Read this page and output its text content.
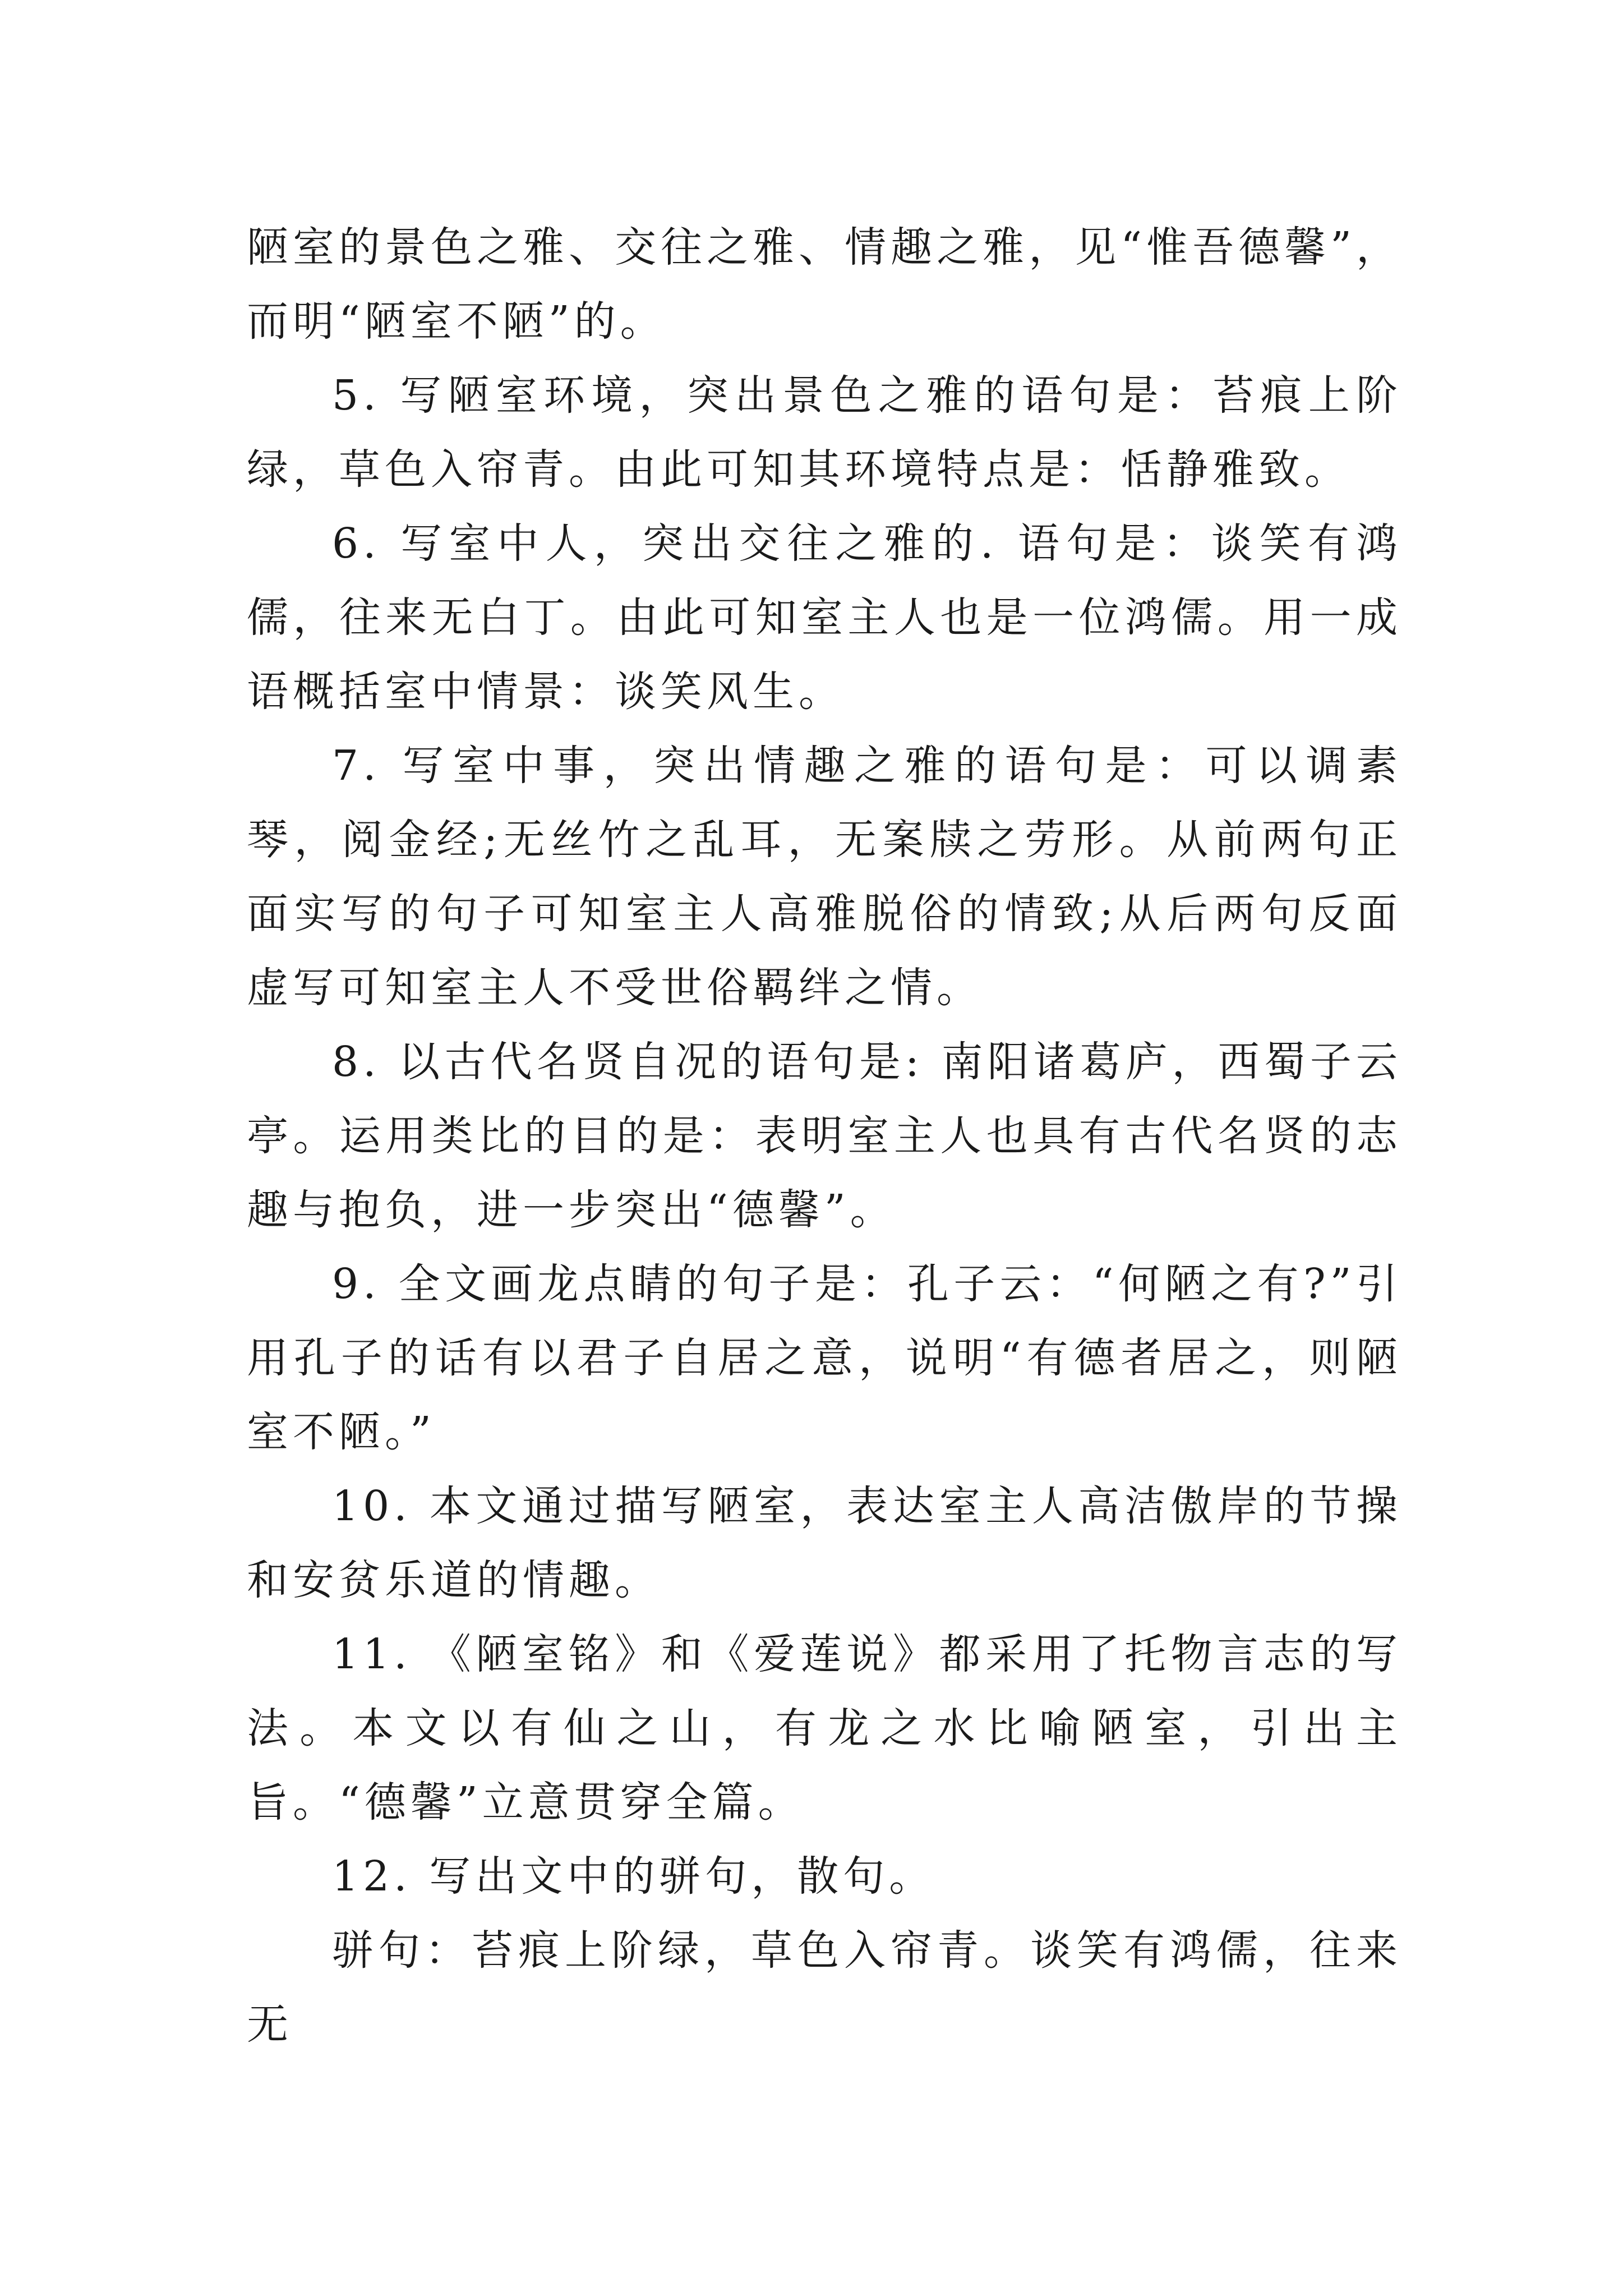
陋室的景色之雅、交往之雅、情趣之雅，见“惟吾德馨”，而明“陋室不陋”的。

5. 写陋室环境，突出景色之雅的语句是：苔痕上阶绿，草色入帘青。由此可知其环境特点是：恬静雅致。

6. 写室中人，突出交往之雅的. 语句是：谈笑有鸿儒，往来无白丁。由此可知室主人也是一位鸿儒。用一成语概括室中情景：谈笑风生。

7. 写室中事，突出情趣之雅的语句是：可以调素琴，阅金经;无丝竹之乱耳，无案牍之劳形。从前两句正面实写的句子可知室主人高雅脱俗的情致;从后两句反面虚写可知室主人不受世俗羁绊之情。

8. 以古代名贤自况的语句是: 南阳诸葛庐，西蜀子云亭。运用类比的目的是：表明室主人也具有古代名贤的志趣与抱负，进一步突出“德馨”。

9. 全文画龙点睛的句子是：孔子云：“何陋之有?”引用孔子的话有以君子自居之意，说明“有德者居之，则陋室不陋。”

10. 本文通过描写陋室，表达室主人高洁傲岸的节操和安贫乐道的情趣。

11. 《陋室铭》和《爱莲说》都采用了托物言志的写法。本文以有仙之山，有龙之水比喻陋室，引出主旨。“德馨”立意贯穿全篇。

12. 写出文中的骈句，散句。

骈句：苔痕上阶绿，草色入帘青。谈笑有鸿儒，往来无
